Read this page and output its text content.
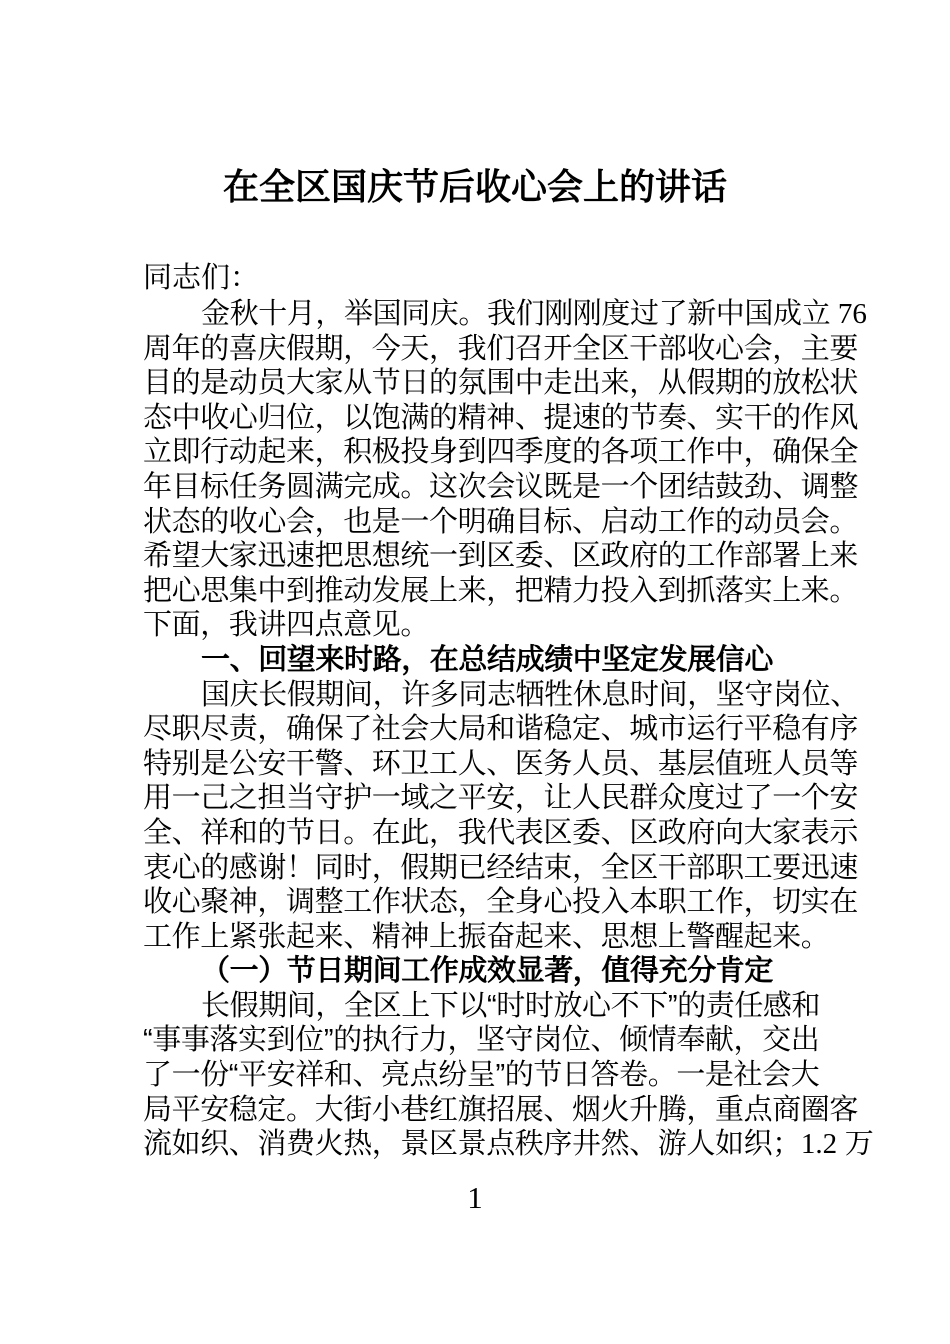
在全区国庆节后收心会上的讲话
同志们：
金秋十月，举国同庆。我们刚刚度过了新中国成立 76
周年的喜庆假期，今天，我们召开全区干部收心会，主要
目的是动员大家从节日的氛围中走出来，从假期的放松状
态中收心归位，以饱满的精神、提速的节奏、实干的作风
立即行动起来，积极投身到四季度的各项工作中，确保全
年目标任务圆满完成。这次会议既是一个团结鼓劲、调整
状态的收心会，也是一个明确目标、启动工作的动员会。
希望大家迅速把思想统一到区委、区政府的工作部署上来
把心思集中到推动发展上来，把精力投入到抓落实上来。
下面，我讲四点意见。
一、回望来时路，在总结成绩中坚定发展信心
国庆长假期间，许多同志牺牲休息时间，坚守岗位、
尽职尽责，确保了社会大局和谐稳定、城市运行平稳有序
特别是公安干警、环卫工人、医务人员、基层值班人员等
用一己之担当守护一域之平安，让人民群众度过了一个安
全、祥和的节日。在此，我代表区委、区政府向大家表示
衷心的感谢！同时，假期已经结束，全区干部职工要迅速
收心聚神，调整工作状态，全身心投入本职工作，切实在
工作上紧张起来、精神上振奋起来、思想上警醒起来。
（一）节日期间工作成效显著，值得充分肯定
长假期间，全区上下以“时时放心不下”的责任感和
“事事落实到位”的执行力，坚守岗位、倾情奉献，交出
了一份“平安祥和、亮点纷呈”的节日答卷。一是社会大
局平安稳定。大街小巷红旗招展、烟火升腾，重点商圈客
流如织、消费火热，景区景点秩序井然、游人如织；1.2 万
1
